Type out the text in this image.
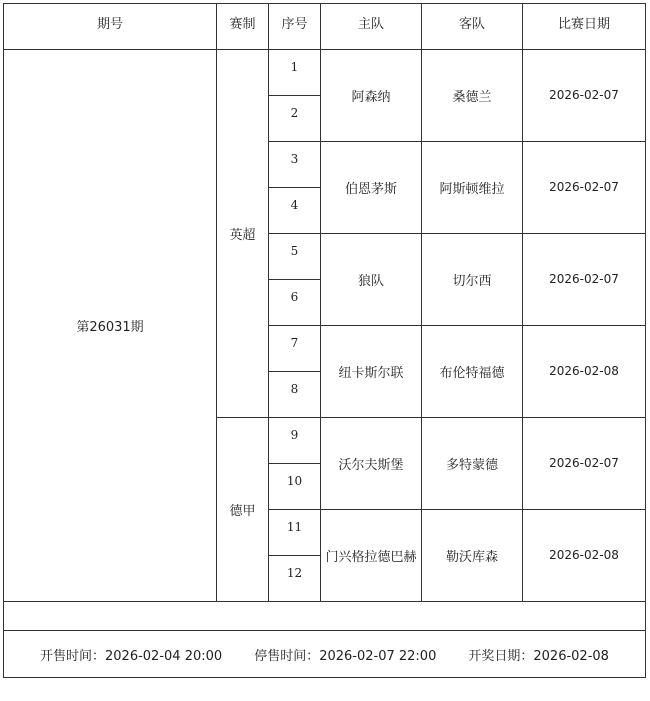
期号	赛制	序号	主队	客队	比赛日期
第26031期	英超	1	阿森纳	桑德兰	2026-02-07
		2			
		3	伯恩茅斯	阿斯顿维拉	2026-02-07
		4			
		5	狼队	切尔西	2026-02-07
		6			
		7	纽卡斯尔联	布伦特福德	2026-02-08
		8			
	德甲	9	沃尔夫斯堡	多特蒙德	2026-02-07
		10			
		11	门兴格拉德巴赫	勒沃库森	2026-02-08
		12			

开售时间：2026-02-04 20:00 停售时间：2026-02-07 22:00 开奖日期：2026-02-08					
